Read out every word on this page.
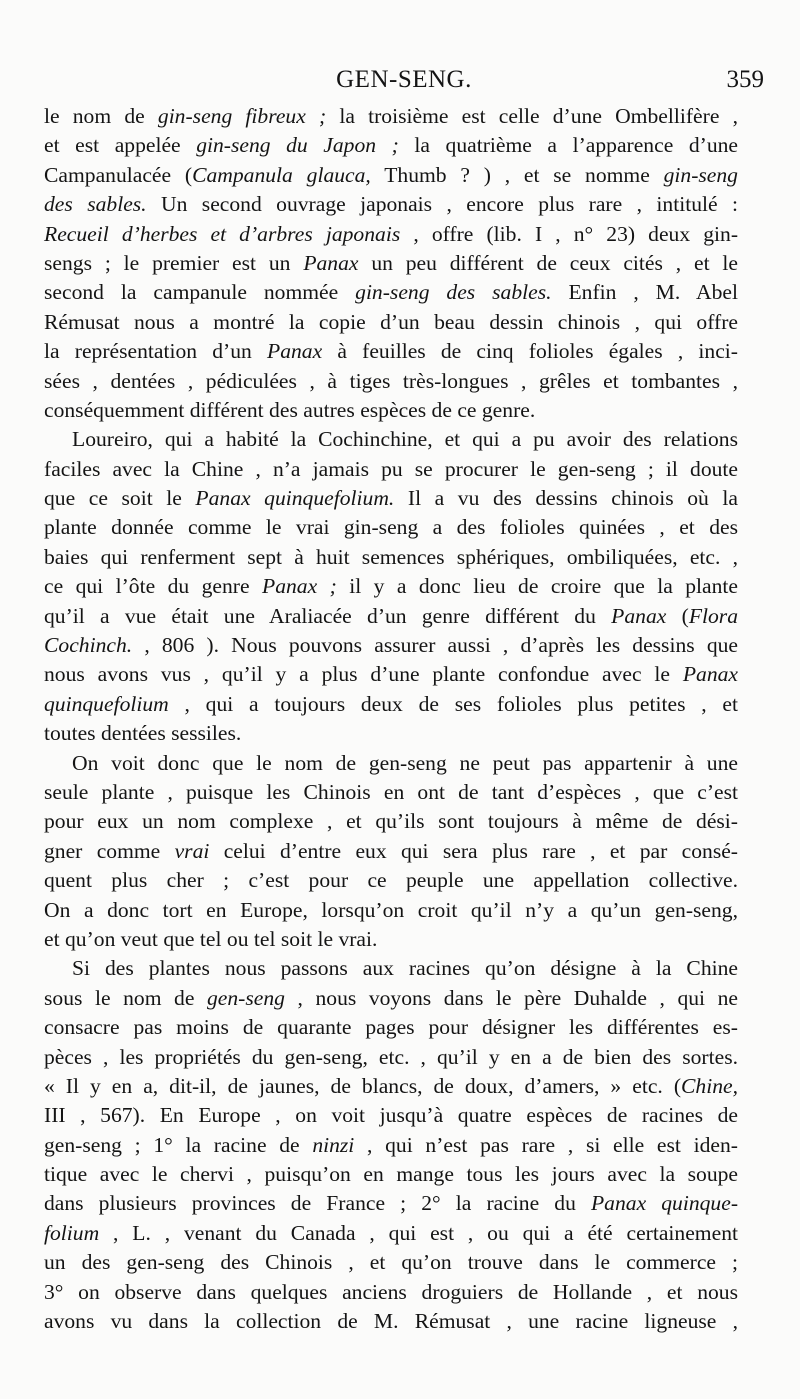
GEN-SENG.	359
le nom de gin-seng fibreux ; la troisième est celle d’une Ombellifère ,
et est appelée gin-seng du Japon ; la quatrième a l’apparence d’une
Campanulacée (Campanula glauca, Thumb ? ) , et se nomme gin-seng
des sables. Un second ouvrage japonais , encore plus rare , intitulé :
Recueil d’herbes et d’arbres japonais , offre (lib. I , n° 23) deux gin-
sengs ; le premier est un Panax un peu différent de ceux cités , et le
second la campanule nommée gin-seng des sables. Enfin , M. Abel
Rémusat nous a montré la copie d’un beau dessin chinois , qui offre
la représentation d’un Panax à feuilles de cinq folioles égales , inci-
sées , dentées , pédiculées , à tiges très-longues , grêles et tombantes ,
conséquemment différent des autres espèces de ce genre.
Loureiro, qui a habité la Cochinchine, et qui a pu avoir des relations
faciles avec la Chine , n’a jamais pu se procurer le gen-seng ; il doute
que ce soit le Panax quinquefolium. Il a vu des dessins chinois où la
plante donnée comme le vrai gin-seng a des folioles quinées , et des
baies qui renferment sept à huit semences sphériques, ombiliquées, etc. ,
ce qui l’ôte du genre Panax ; il y a donc lieu de croire que la plante
qu’il a vue était une Araliacée d’un genre différent du Panax (Flora
Cochinch. , 806 ). Nous pouvons assurer aussi , d’après les dessins que
nous avons vus , qu’il y a plus d’une plante confondue avec le Panax
quinquefolium , qui a toujours deux de ses folioles plus petites , et
toutes dentées sessiles.
On voit donc que le nom de gen-seng ne peut pas appartenir à une
seule plante , puisque les Chinois en ont de tant d’espèces , que c’est
pour eux un nom complexe , et qu’ils sont toujours à même de dési-
gner comme vrai celui d’entre eux qui sera plus rare , et par consé-
quent plus cher ; c’est pour ce peuple une appellation collective.
On a donc tort en Europe, lorsqu’on croit qu’il n’y a qu’un gen-seng,
et qu’on veut que tel ou tel soit le vrai.
Si des plantes nous passons aux racines qu’on désigne à la Chine
sous le nom de gen-seng , nous voyons dans le père Duhalde , qui ne
consacre pas moins de quarante pages pour désigner les différentes es-
pèces , les propriétés du gen-seng, etc. , qu’il y en a de bien des sortes.
« Il y en a, dit-il, de jaunes, de blancs, de doux, d’amers, » etc. (Chine,
III , 567). En Europe , on voit jusqu’à quatre espèces de racines de
gen-seng ; 1° la racine de ninzi , qui n’est pas rare , si elle est iden-
tique avec le chervi , puisqu’on en mange tous les jours avec la soupe
dans plusieurs provinces de France ; 2° la racine du Panax quinque-
folium , L. , venant du Canada , qui est , ou qui a été certainement
un des gen-seng des Chinois , et qu’on trouve dans le commerce ;
3° on observe dans quelques anciens droguiers de Hollande , et nous
avons vu dans la collection de M. Rémusat , une racine ligneuse ,
